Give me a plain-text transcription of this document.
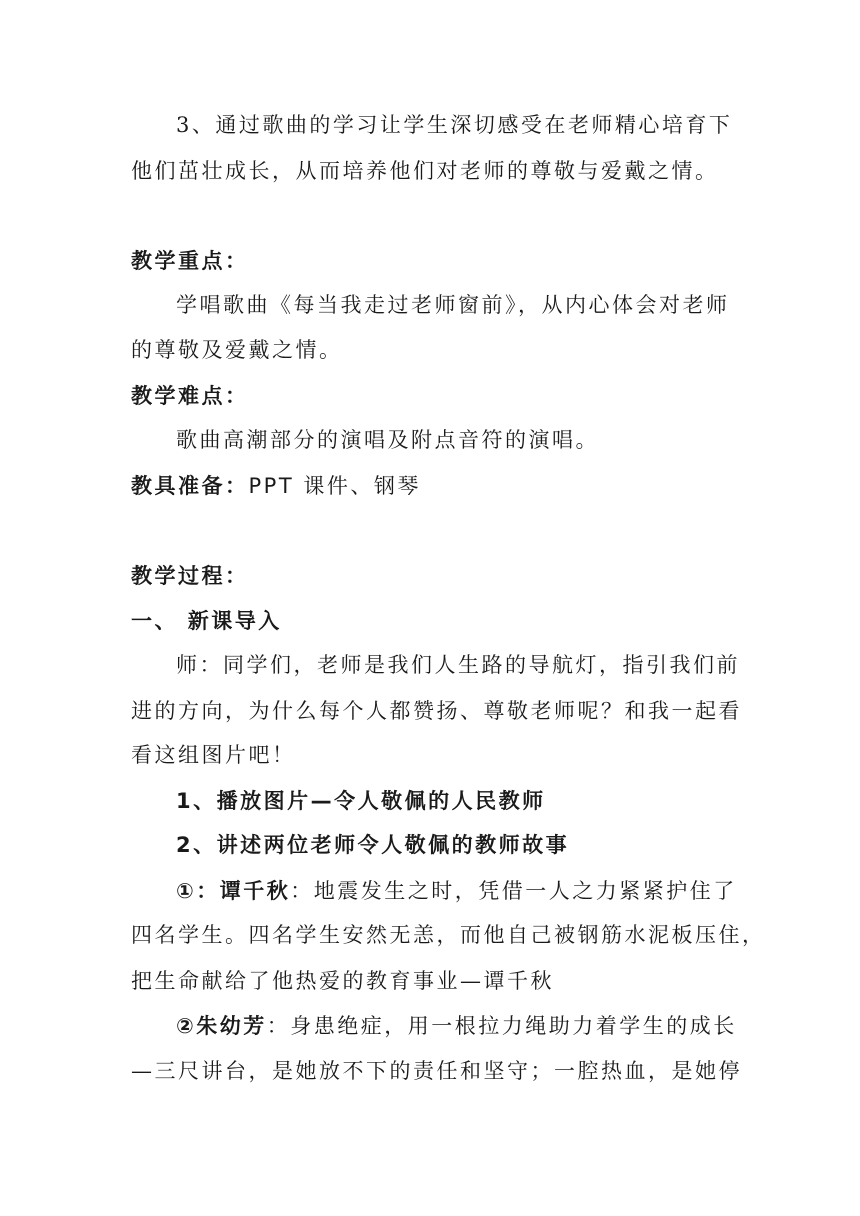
3、通过歌曲的学习让学生深切感受在老师精心培育下
他们茁壮成长，从而培养他们对老师的尊敬与爱戴之情。
教学重点：
学唱歌曲《每当我走过老师窗前》，从内心体会对老师
的尊敬及爱戴之情。
教学难点：
歌曲高潮部分的演唱及附点音符的演唱。
教具准备：PPT 课件、钢琴
教学过程：
一、 新课导入
师：同学们，老师是我们人生路的导航灯，指引我们前
进的方向，为什么每个人都赞扬、尊敬老师呢？和我一起看
看这组图片吧！
1、播放图片—令人敬佩的人民教师
2、讲述两位老师令人敬佩的教师故事
①：谭千秋：地震发生之时，凭借一人之力紧紧护住了
四名学生。四名学生安然无恙，而他自己被钢筋水泥板压住，
把生命献给了他热爱的教育事业—谭千秋
②朱幼芳：身患绝症，用一根拉力绳助力着学生的成长
—三尺讲台，是她放不下的责任和坚守；一腔热血，是她停
